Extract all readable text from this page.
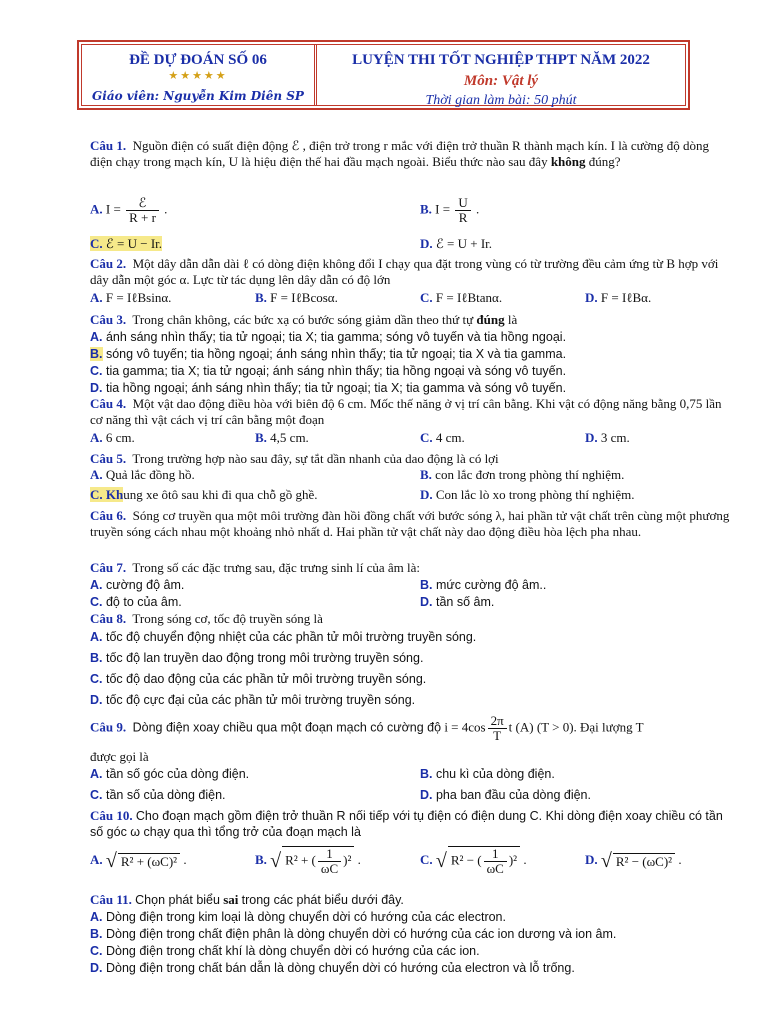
ĐỀ DỰ ĐOÁN SỐ 06
★★★★★
Giáo viên: Nguyễn Kim Diên SP
LUYỆN THI TỐT NGHIỆP THPT NĂM 2022
Môn: Vật lý
Thời gian làm bài: 50 phút
Câu 1. Nguồn điện có suất điện động ℰ , điện trở trong r mắc với điện trở thuần R thành mạch kín. I là cường độ dòng điện chạy trong mạch kín, U là hiệu điện thế hai đầu mạch ngoài. Biểu thức nào sau đây không đúng?
A. $I = \frac{\text{ℰ}}{R + r}$ .	B. $I = \frac{U}{R}$ .
C. ℰ = U − Ir.	D. ℰ = U + Ir.
Câu 2. Một dây dẫn dẫn dài ℓ có dòng điện không đổi I chạy qua đặt trong vùng có từ trường đều cảm ứng từ B hợp với dây dẫn một góc α. Lực từ tác dụng lên dây dẫn có độ lớn
A. F = IℓBsinα.	B. F = IℓBcosα.	C. F = IℓBtanα.	D. F = IℓBα.
Câu 3. Trong chân không, các bức xạ có bước sóng giảm dần theo thứ tự đúng là
A. ánh sáng nhìn thấy; tia tử ngoại; tia X; tia gamma; sóng vô tuyến và tia hồng ngoại.
B. sóng vô tuyến; tia hồng ngoại; ánh sáng nhìn thấy; tia tử ngoại; tia X và tia gamma.
C. tia gamma; tia X; tia tử ngoại; ánh sáng nhìn thấy; tia hồng ngoại và sóng vô tuyến.
D. tia hồng ngoại; ánh sáng nhìn thấy; tia tử ngoại; tia X; tia gamma và sóng vô tuyến.
Câu 4. Một vật dao động điều hòa với biên độ 6 cm. Mốc thế năng ở vị trí cân bằng. Khi vật có động năng bằng 0,75 lần cơ năng thì vật cách vị trí cân bằng một đoạn
A. 6 cm.	B. 4,5 cm.	C. 4 cm.	D. 3 cm.
Câu 5. Trong trường hợp nào sau đây, sự tắt dần nhanh của dao động là có lợi
A. Quả lắc đồng hồ.	B. con lắc đơn trong phòng thí nghiệm.
C. Khung xe ôtô sau khi đi qua chỗ gồ ghề.	D. Con lắc lò xo trong phòng thí nghiệm.
Câu 6. Sóng cơ truyền qua một môi trường đàn hồi đồng chất với bước sóng λ, hai phần tử vật chất trên cùng một phương truyền sóng cách nhau một khoảng nhỏ nhất d. Hai phần tử vật chất này dao động điều hòa lệch pha nhau.
Câu 7. Trong số các đặc trưng sau, đặc trưng sinh lí của âm là:
A. cường độ âm.	B. mức cường độ âm..
C. độ to của âm.	D. tần số âm.
Câu 8. Trong sóng cơ, tốc độ truyền sóng là
A. tốc độ chuyển động nhiệt của các phần tử môi trường truyền sóng.
B. tốc độ lan truyền dao động trong môi trường truyền sóng.
C. tốc độ dao động của các phần tử môi trường truyền sóng.
D. tốc độ cực đại của các phần tử môi trường truyền sóng.
Câu 9. Dòng điện xoay chiều qua một đoạn mạch có cường độ $i = 4\cos \frac{2\pi}{T}$ t (A) (T > 0). Đại lượng T
được gọi là
A. tần số góc của dòng điện.	B. chu kì của dòng điện.
C. tần số của dòng điện.	D. pha ban đầu của dòng điện.
Câu 10. Cho đoạn mạch gồm điện trở thuần R nối tiếp với tụ điện có điện dung C. Khi dòng điện xoay chiều có tần số góc ω chạy qua thì tổng trở của đoạn mạch là
A. √ R² + (ωC)² .	B. √ R² + ( $\frac{1}{\omega C} )^2$ .	C. √ R² − ( $\frac{1}{\omega C} )^2$ .	D. √ R² − (ωC)² .
Câu 11. Chọn phát biểu sai trong các phát biểu dưới đây.
A. Dòng điện trong kim loại là dòng chuyển dời có hướng của các electron.
B. Dòng điện trong chất điện phân là dòng chuyển dời có hướng của các ion dương và ion âm.
C. Dòng điện trong chất khí là dòng chuyển dời có hướng của các ion.
D. Dòng điện trong chất bán dẫn là dòng chuyển dời có hướng của electron và lỗ trống.
